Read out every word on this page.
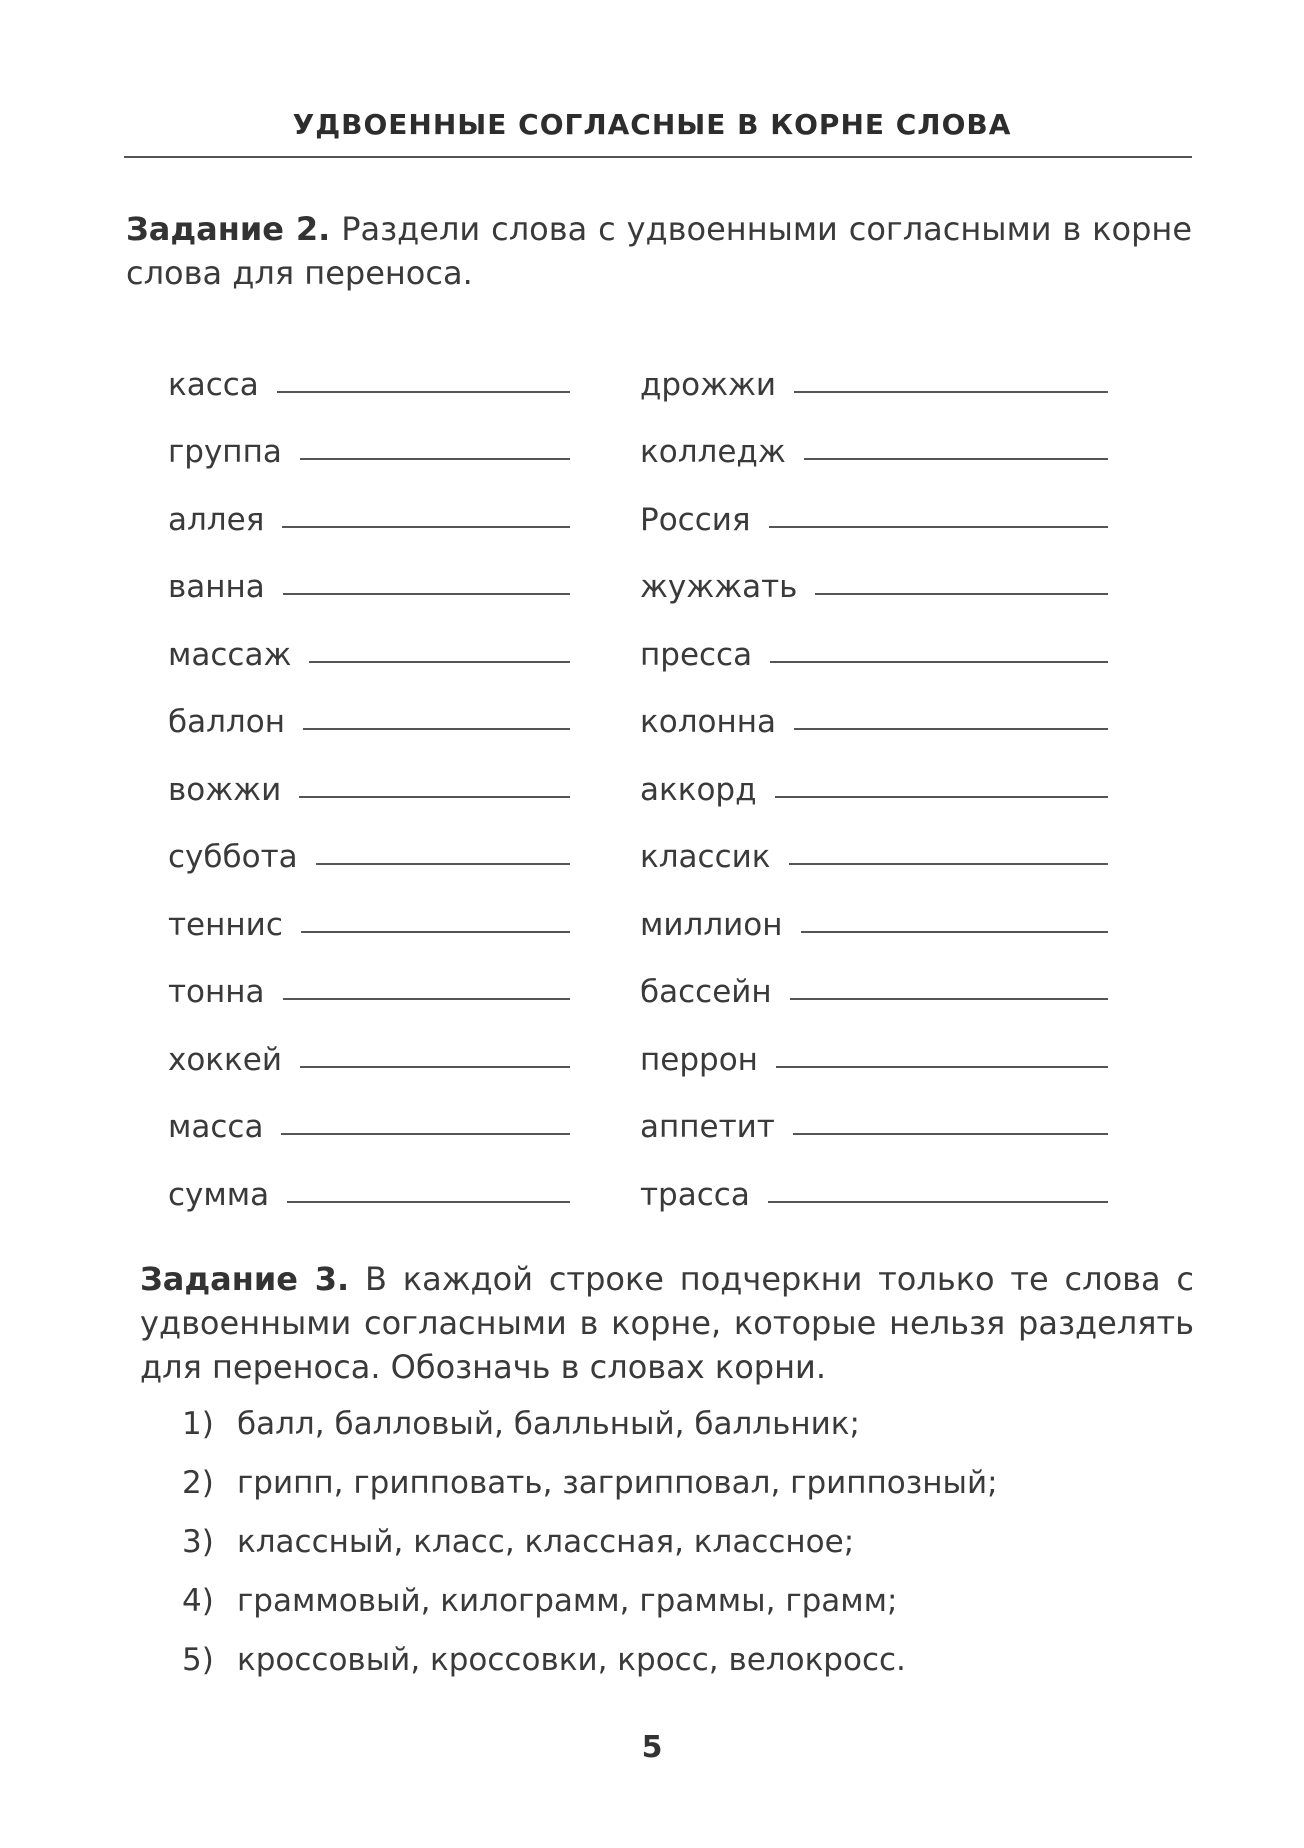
УДВОЕННЫЕ СОГЛАСНЫЕ В КОРНЕ СЛОВА
Задание 2. Раздели слова с удвоенными согласными в корне слова для переноса.
касса
группа
аллея
ванна
массаж
баллон
вожжи
суббота
теннис
тонна
хоккей
масса
сумма
дрожжи
колледж
Россия
жужжать
пресса
колонна
аккорд
классик
миллион
бассейн
перрон
аппетит
трасса
Задание 3. В каждой строке подчеркни только те слова с удвоенными согласными в корне, которые нельзя разделять для переноса. Обозначь в словах корни.
1) балл, балловый, балльный, балльник;
2) грипп, грипповать, загрипповал, гриппозный;
3) классный, класс, классная, классное;
4) граммовый, килограмм, граммы, грамм;
5) кроссовый, кроссовки, кросс, велокросс.
5
